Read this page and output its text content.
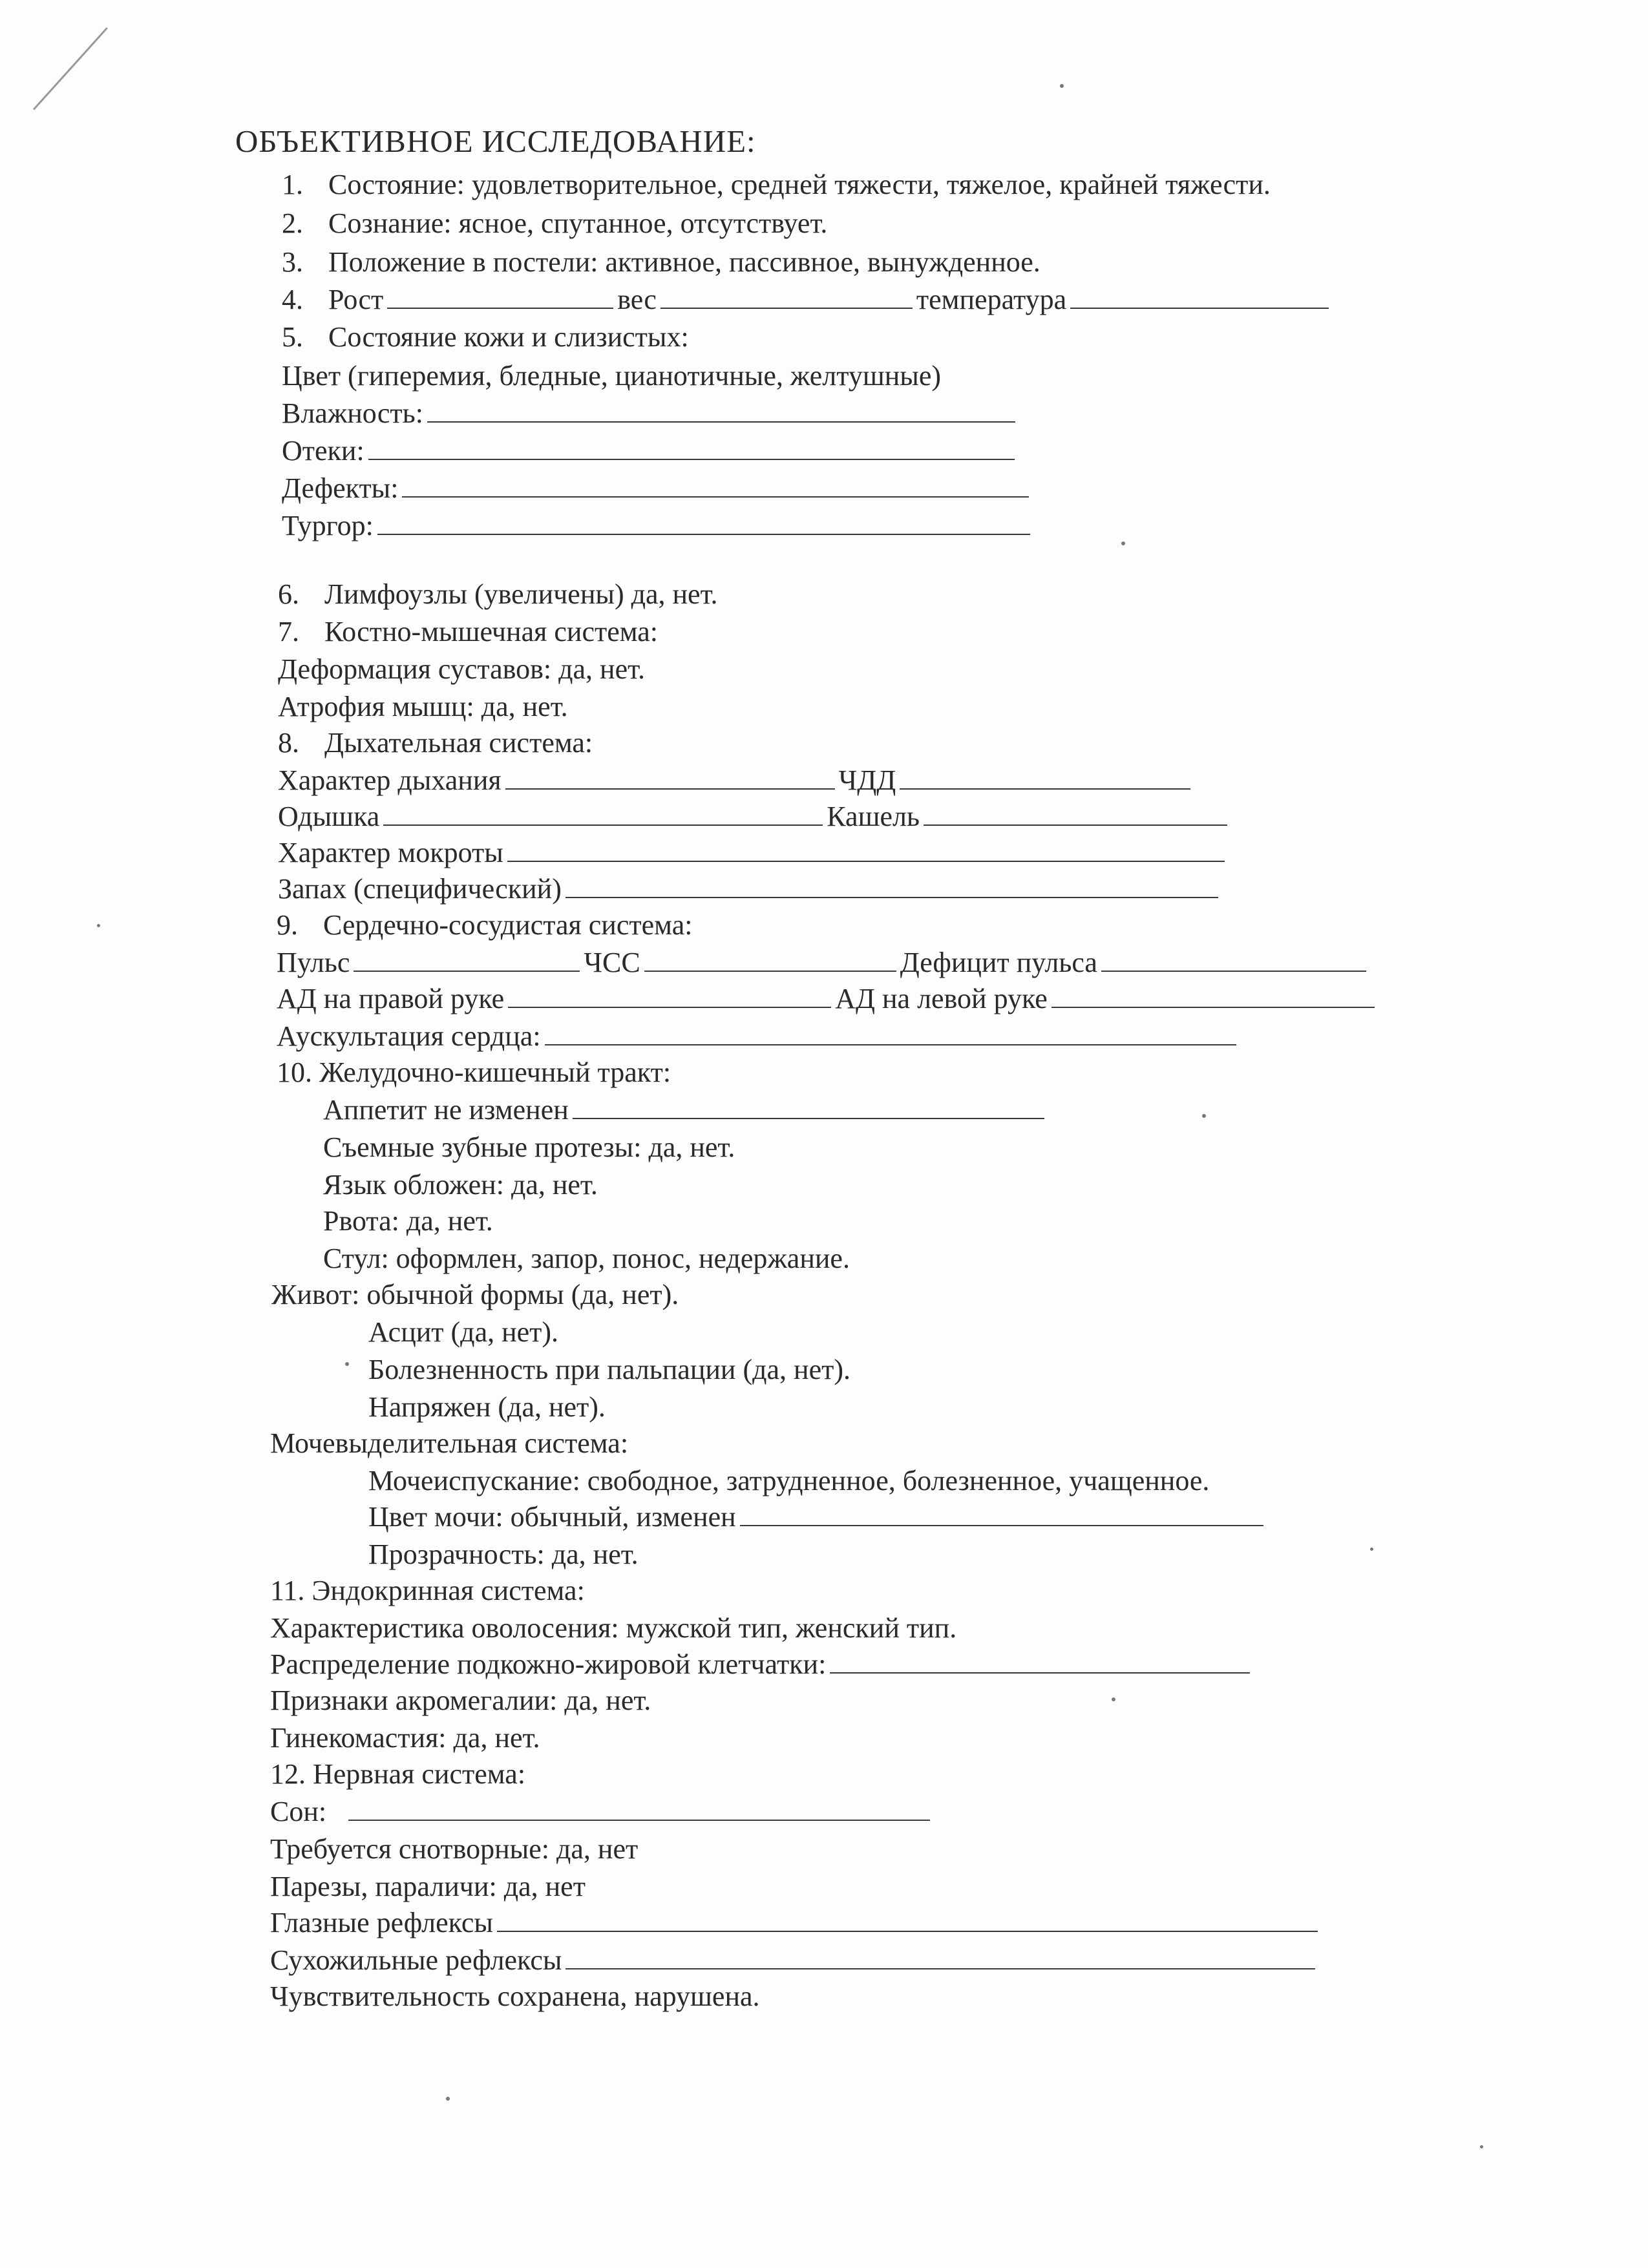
ОБЪЕКТИВНОЕ ИССЛЕДОВАНИЕ:
1. Состояние: удовлетворительное, средней тяжести, тяжелое, крайней тяжести.
2. Сознание: ясное, спутанное, отсутствует.
3. Положение в постели: активное, пассивное, вынужденное.
4. Рост	вес	температура
5. Состояние кожи и слизистых:
Цвет (гиперемия, бледные, цианотичные, желтушные)
Влажность:
Отеки:
Дефекты:
Тургор:
6. Лимфоузлы (увеличены) да, нет.
7. Костно-мышечная система:
Деформация суставов: да, нет.
Атрофия мышц: да, нет.
8. Дыхательная система:
Характер дыхания	ЧДД
Одышка	Кашель
Характер мокроты
Запах (специфический)
9. Сердечно-сосудистая система:
Пульс	ЧСС	Дефицит пульса
АД на правой руке	АД на левой руке
Аускультация сердца:
10. Желудочно-кишечный тракт:
Аппетит не изменен
Съемные зубные протезы: да, нет.
Язык обложен: да, нет.
Рвота: да, нет.
Стул: оформлен, запор, понос, недержание.
Живот: обычной формы (да, нет).
Асцит (да, нет).
Болезненность при пальпации (да, нет).
Напряжен (да, нет).
Мочевыделительная система:
Мочеиспускание: свободное, затрудненное, болезненное, учащенное.
Цвет мочи: обычный, изменен
Прозрачность: да, нет.
11. Эндокринная система:
Характеристика оволосения: мужской тип, женский тип.
Распределение подкожно-жировой клетчатки:
Признаки акромегалии: да, нет.
Гинекомастия: да, нет.
12. Нервная система:
Сон:
Требуется снотворные: да, нет
Парезы, параличи: да, нет
Глазные рефлексы
Сухожильные рефлексы
Чувствительность сохранена, нарушена.
